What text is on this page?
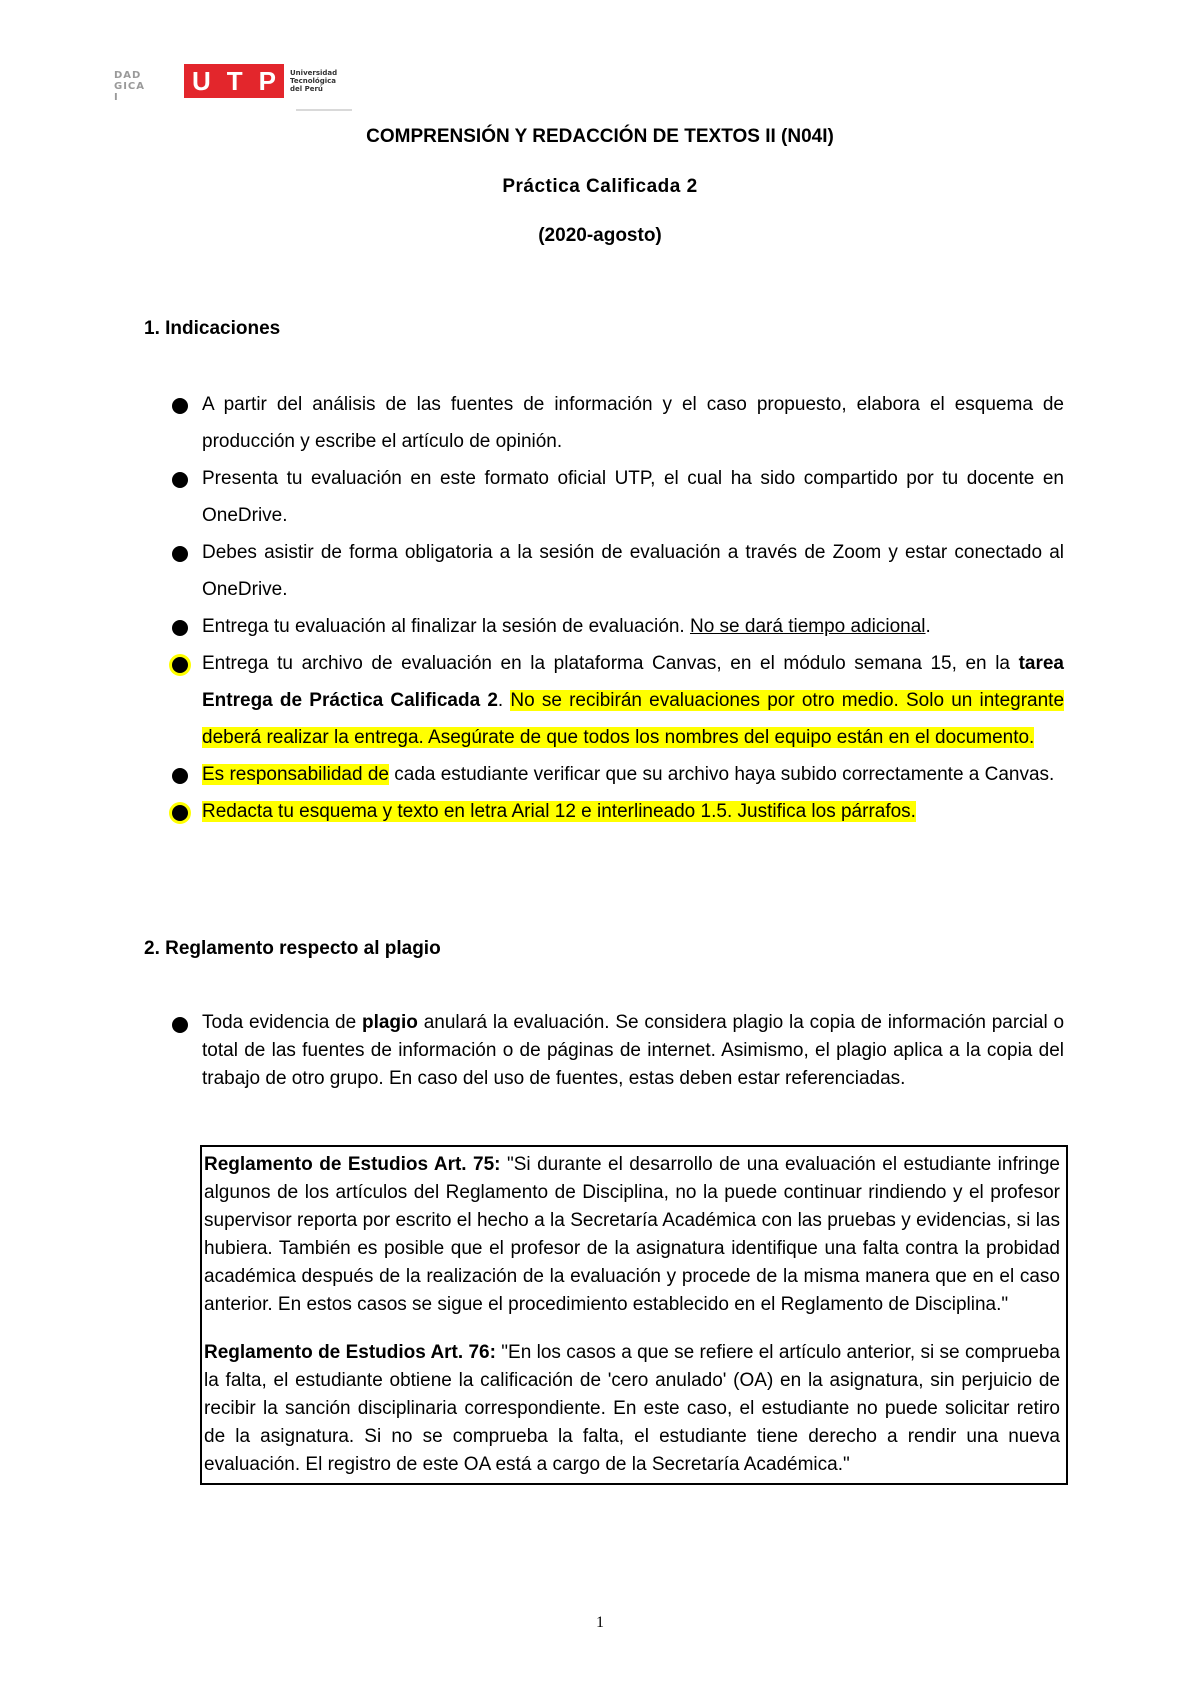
DAD
GICA
I
U T P Universidad
Tecnológica
del Perú
COMPRENSIÓN Y REDACCIÓN DE TEXTOS II (N04I)
Práctica Calificada 2
(2020-agosto)
1. Indicaciones
A partir del análisis de las fuentes de información y el caso propuesto, elabora el esquema de producción y escribe el artículo de opinión.
Presenta tu evaluación en este formato oficial UTP, el cual ha sido compartido por tu docente en OneDrive.
Debes asistir de forma obligatoria a la sesión de evaluación a través de Zoom y estar conectado al OneDrive.
Entrega tu evaluación al finalizar la sesión de evaluación. No se dará tiempo adicional.
Entrega tu archivo de evaluación en la plataforma Canvas, en el módulo semana 15, en la tarea Entrega de Práctica Calificada 2. No se recibirán evaluaciones por otro medio. Solo un integrante deberá realizar la entrega. Asegúrate de que todos los nombres del equipo están en el documento.
Es responsabilidad de cada estudiante verificar que su archivo haya subido correctamente a Canvas.
Redacta tu esquema y texto en letra Arial 12 e interlineado 1.5. Justifica los párrafos.
2. Reglamento respecto al plagio
Toda evidencia de plagio anulará la evaluación. Se considera plagio la copia de información parcial o total de las fuentes de información o de páginas de internet. Asimismo, el plagio aplica a la copia del trabajo de otro grupo. En caso del uso de fuentes, estas deben estar referenciadas.

Reglamento de Estudios Art. 75: "Si durante el desarrollo de una evaluación el estudiante infringe algunos de los artículos del Reglamento de Disciplina, no la puede continuar rindiendo y el profesor supervisor reporta por escrito el hecho a la Secretaría Académica con las pruebas y evidencias, si las hubiera. También es posible que el profesor de la asignatura identifique una falta contra la probidad académica después de la realización de la evaluación y procede de la misma manera que en el caso anterior. En estos casos se sigue el procedimiento establecido en el Reglamento de Disciplina."

Reglamento de Estudios Art. 76: "En los casos a que se refiere el artículo anterior, si se comprueba la falta, el estudiante obtiene la calificación de 'cero anulado' (OA) en la asignatura, sin perjuicio de recibir la sanción disciplinaria correspondiente. En este caso, el estudiante no puede solicitar retiro de la asignatura. Si no se comprueba la falta, el estudiante tiene derecho a rendir una nueva evaluación. El registro de este OA está a cargo de la Secretaría Académica."

1
